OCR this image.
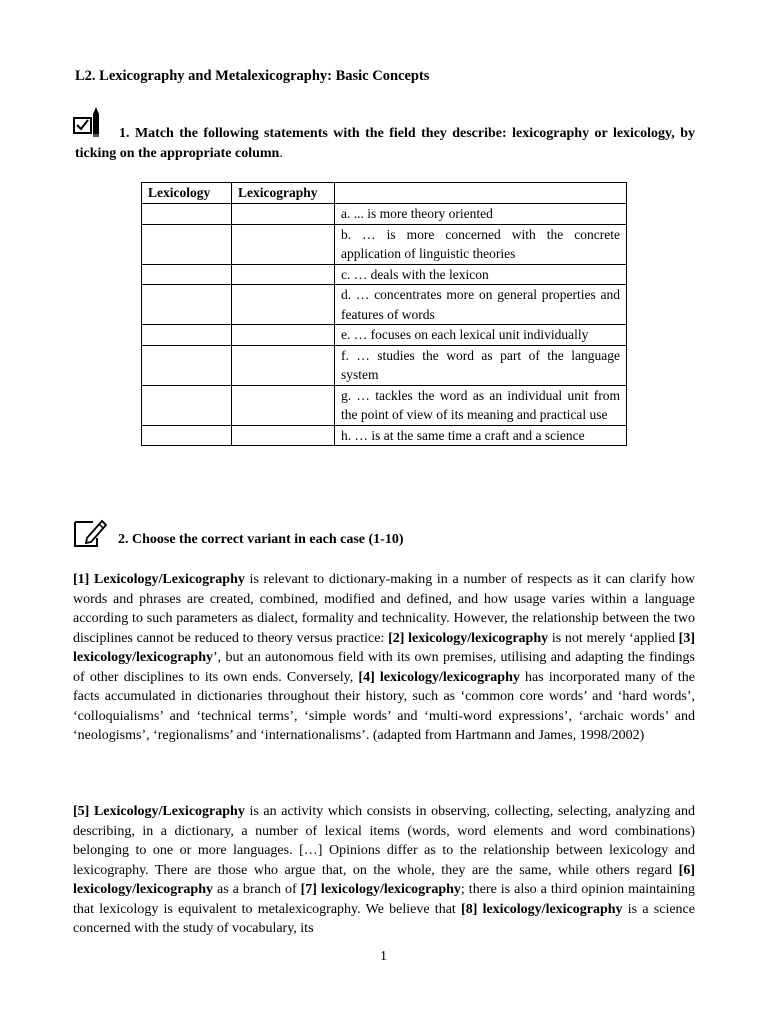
L2. Lexicography and Metalexicography: Basic Concepts
1. Match the following statements with the field they describe: lexicography or lexicology, by ticking on the appropriate column.
Lexicology	Lexicography	
		a. ... is more theory oriented
		b. … is more concerned with the concrete application of linguistic theories
		c. … deals with the lexicon
		d. … concentrates more on general properties and features of words
		e. … focuses on each lexical unit individually
		f. … studies the word as part of the language system
		g. … tackles the word as an individual unit from the point of view of its meaning and practical use
		h. … is at the same time a craft and a science
2. Choose the correct variant in each case (1-10)
[1] Lexicology/Lexicography is relevant to dictionary-making in a number of respects as it can clarify how words and phrases are created, combined, modified and defined, and how usage varies within a language according to such parameters as dialect, formality and technicality. However, the relationship between the two disciplines cannot be reduced to theory versus practice: [2] lexicology/lexicography is not merely ‘applied [3] lexicology/lexicography’, but an autonomous field with its own premises, utilising and adapting the findings of other disciplines to its own ends. Conversely, [4] lexicology/lexicography has incorporated many of the facts accumulated in dictionaries throughout their history, such as ‘common core words’ and ‘hard words’, ‘colloquialisms’ and ‘technical terms’, ‘simple words’ and ‘multi-word expressions’, ‘archaic words’ and ‘neologisms’, ‘regionalisms’ and ‘internationalisms’. (adapted from Hartmann and James, 1998/2002)
[5] Lexicology/Lexicography is an activity which consists in observing, collecting, selecting, analyzing and describing, in a dictionary, a number of lexical items (words, word elements and word combinations) belonging to one or more languages. […] Opinions differ as to the relationship between lexicology and lexicography. There are those who argue that, on the whole, they are the same, while others regard [6] lexicology/lexicography as a branch of [7] lexicology/lexicography; there is also a third opinion maintaining that lexicology is equivalent to metalexicography. We believe that [8] lexicology/lexicography is a science concerned with the study of vocabulary, its
1
